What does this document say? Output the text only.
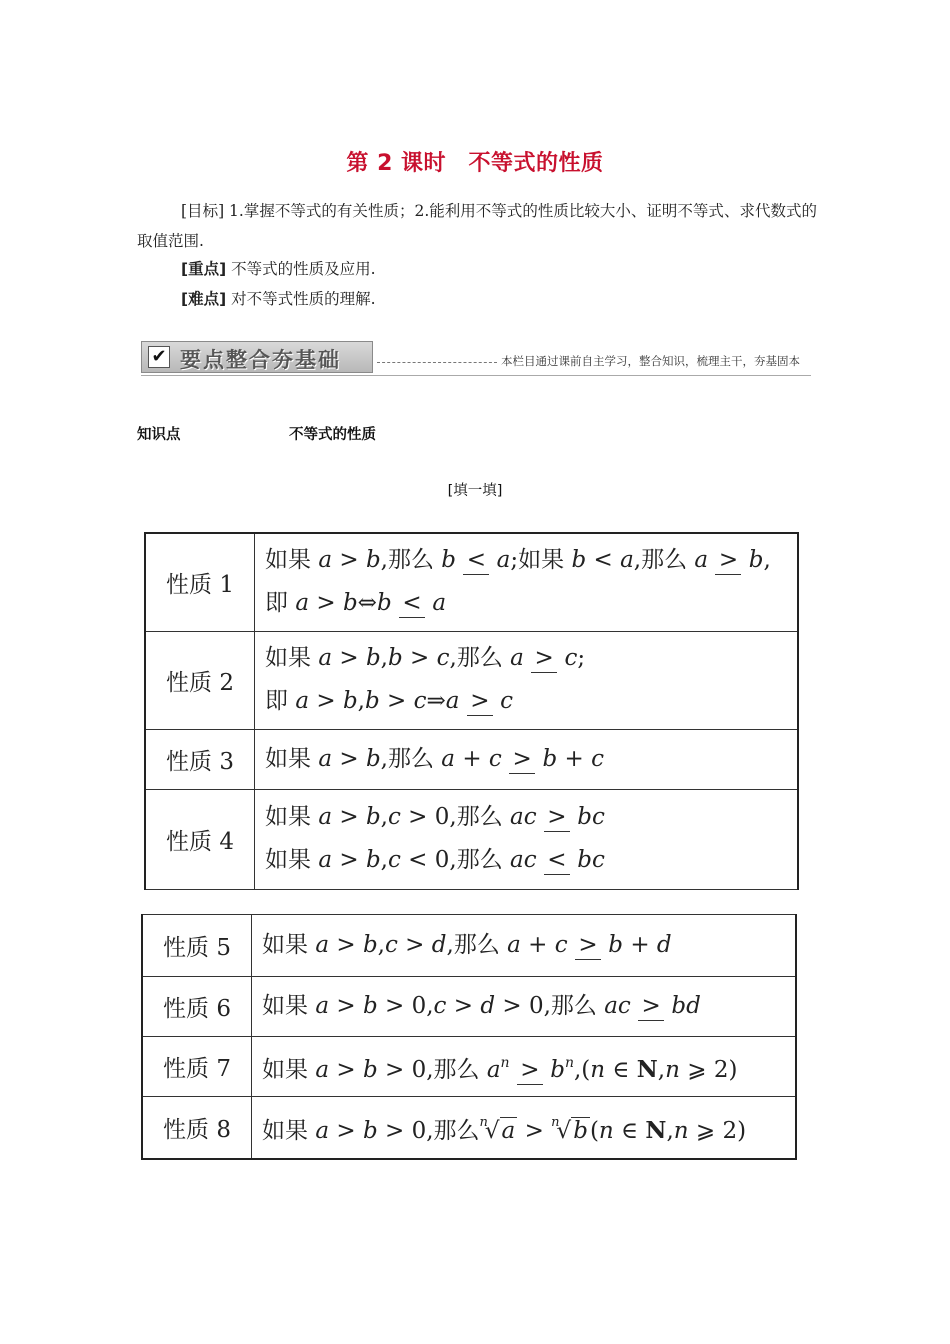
第 2 课时　不等式的性质
[目标] 1.掌握不等式的有关性质；2.能利用不等式的性质比较大小、证明不等式、求代数式的取值范围.
[重点] 不等式的性质及应用.
[难点] 对不等式性质的理解.
✔ 要点整合夯基础	本栏目通过课前自主学习，整合知识，梳理主干，夯基固本
知识点	不等式的性质
[填一填]
性质 1	如果 a > b,那么 b < a;如果 b < a,那么 a > b,
即 a > b⇔b < a
性质 2	如果 a > b,b > c,那么 a > c;
即 a > b,b > c⇒a > c
性质 3	如果 a > b,那么 a + c > b + c
性质 4	如果 a > b,c > 0,那么 ac > bc
如果 a > b,c < 0,那么 ac < bc
性质 5	如果 a > b,c > d,那么 a + c > b + d
性质 6	如果 a > b > 0,c > d > 0,那么 ac > bd
性质 7	如果 a > b > 0,那么 $a^n > b^n,(n$ ∈ N,n ⩾ 2)
性质 8	如果 a > b > 0,那么$^n$√a > $^n$√b(n ∈ N,n ⩾ 2)
